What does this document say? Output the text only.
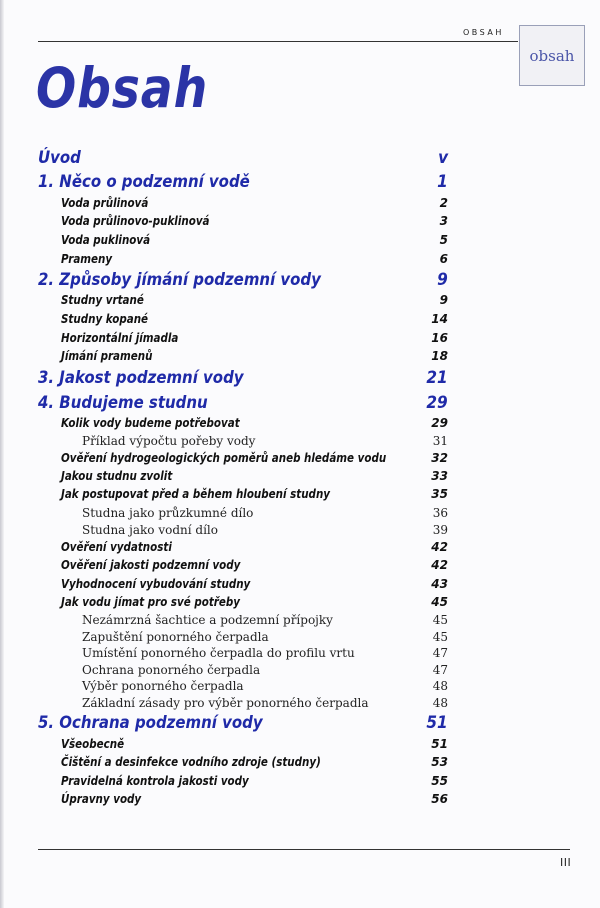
OBSAH
obsah
Obsah
Úvod	v
1. Něco o podzemní vodě	1
Voda průlinová	2
Voda průlinovo-puklinová	3
Voda puklinová	5
Prameny	6
2. Způsoby jímání podzemní vody	9
Studny vrtané	9
Studny kopané	14
Horizontální jímadla	16
Jímání pramenů	18
3. Jakost podzemní vody	21
4. Budujeme studnu	29
Kolik vody budeme potřebovat	29
Příklad výpočtu pořeby vody	31
Ověření hydrogeologických poměrů aneb hledáme vodu	32
Jakou studnu zvolit	33
Jak postupovat před a během hloubení studny	35
Studna jako průzkumné dílo	36
Studna jako vodní dílo	39
Ověření vydatnosti	42
Ověření jakosti podzemní vody	42
Vyhodnocení vybudování studny	43
Jak vodu jímat pro své potřeby	45
Nezámrzná šachtice a podzemní přípojky	45
Zapuštění ponorného čerpadla	45
Umístění ponorného čerpadla do profilu vrtu	47
Ochrana ponorného čerpadla	47
Výběr ponorného čerpadla	48
Základní zásady pro výběr ponorného čerpadla	48
5. Ochrana podzemní vody	51
Všeobecně	51
Čištění a desinfekce vodního zdroje (studny)	53
Pravidelná kontrola jakosti vody	55
Úpravny vody	56
III
